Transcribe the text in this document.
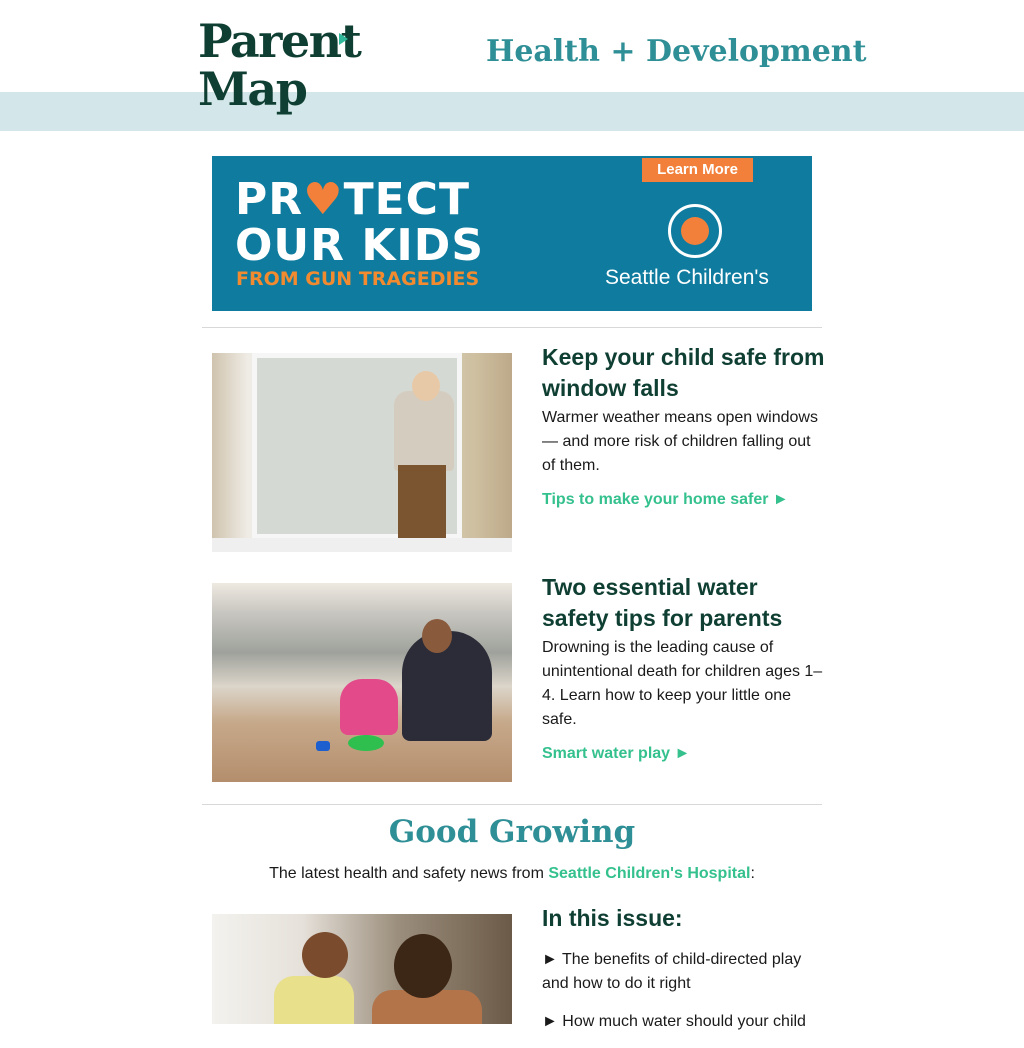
Parent
Map
Health + Development
PR♥TECT
OUR KIDS
FROM GUN TRAGEDIES
Learn More
Seattle Children's
Keep your child safe from window falls

Warmer weather means open windows — and more risk of children falling out of them.

Tips to make your home safer ►
Two essential water safety tips for parents

Drowning is the leading cause of unintentional death for children ages 1–4. Learn how to keep your little one safe.

Smart water play ►
Good Growing
The latest health and safety news from Seattle Children's Hospital:
In this issue:
► The benefits of child-directed play and how to do it right
► How much water should your child
